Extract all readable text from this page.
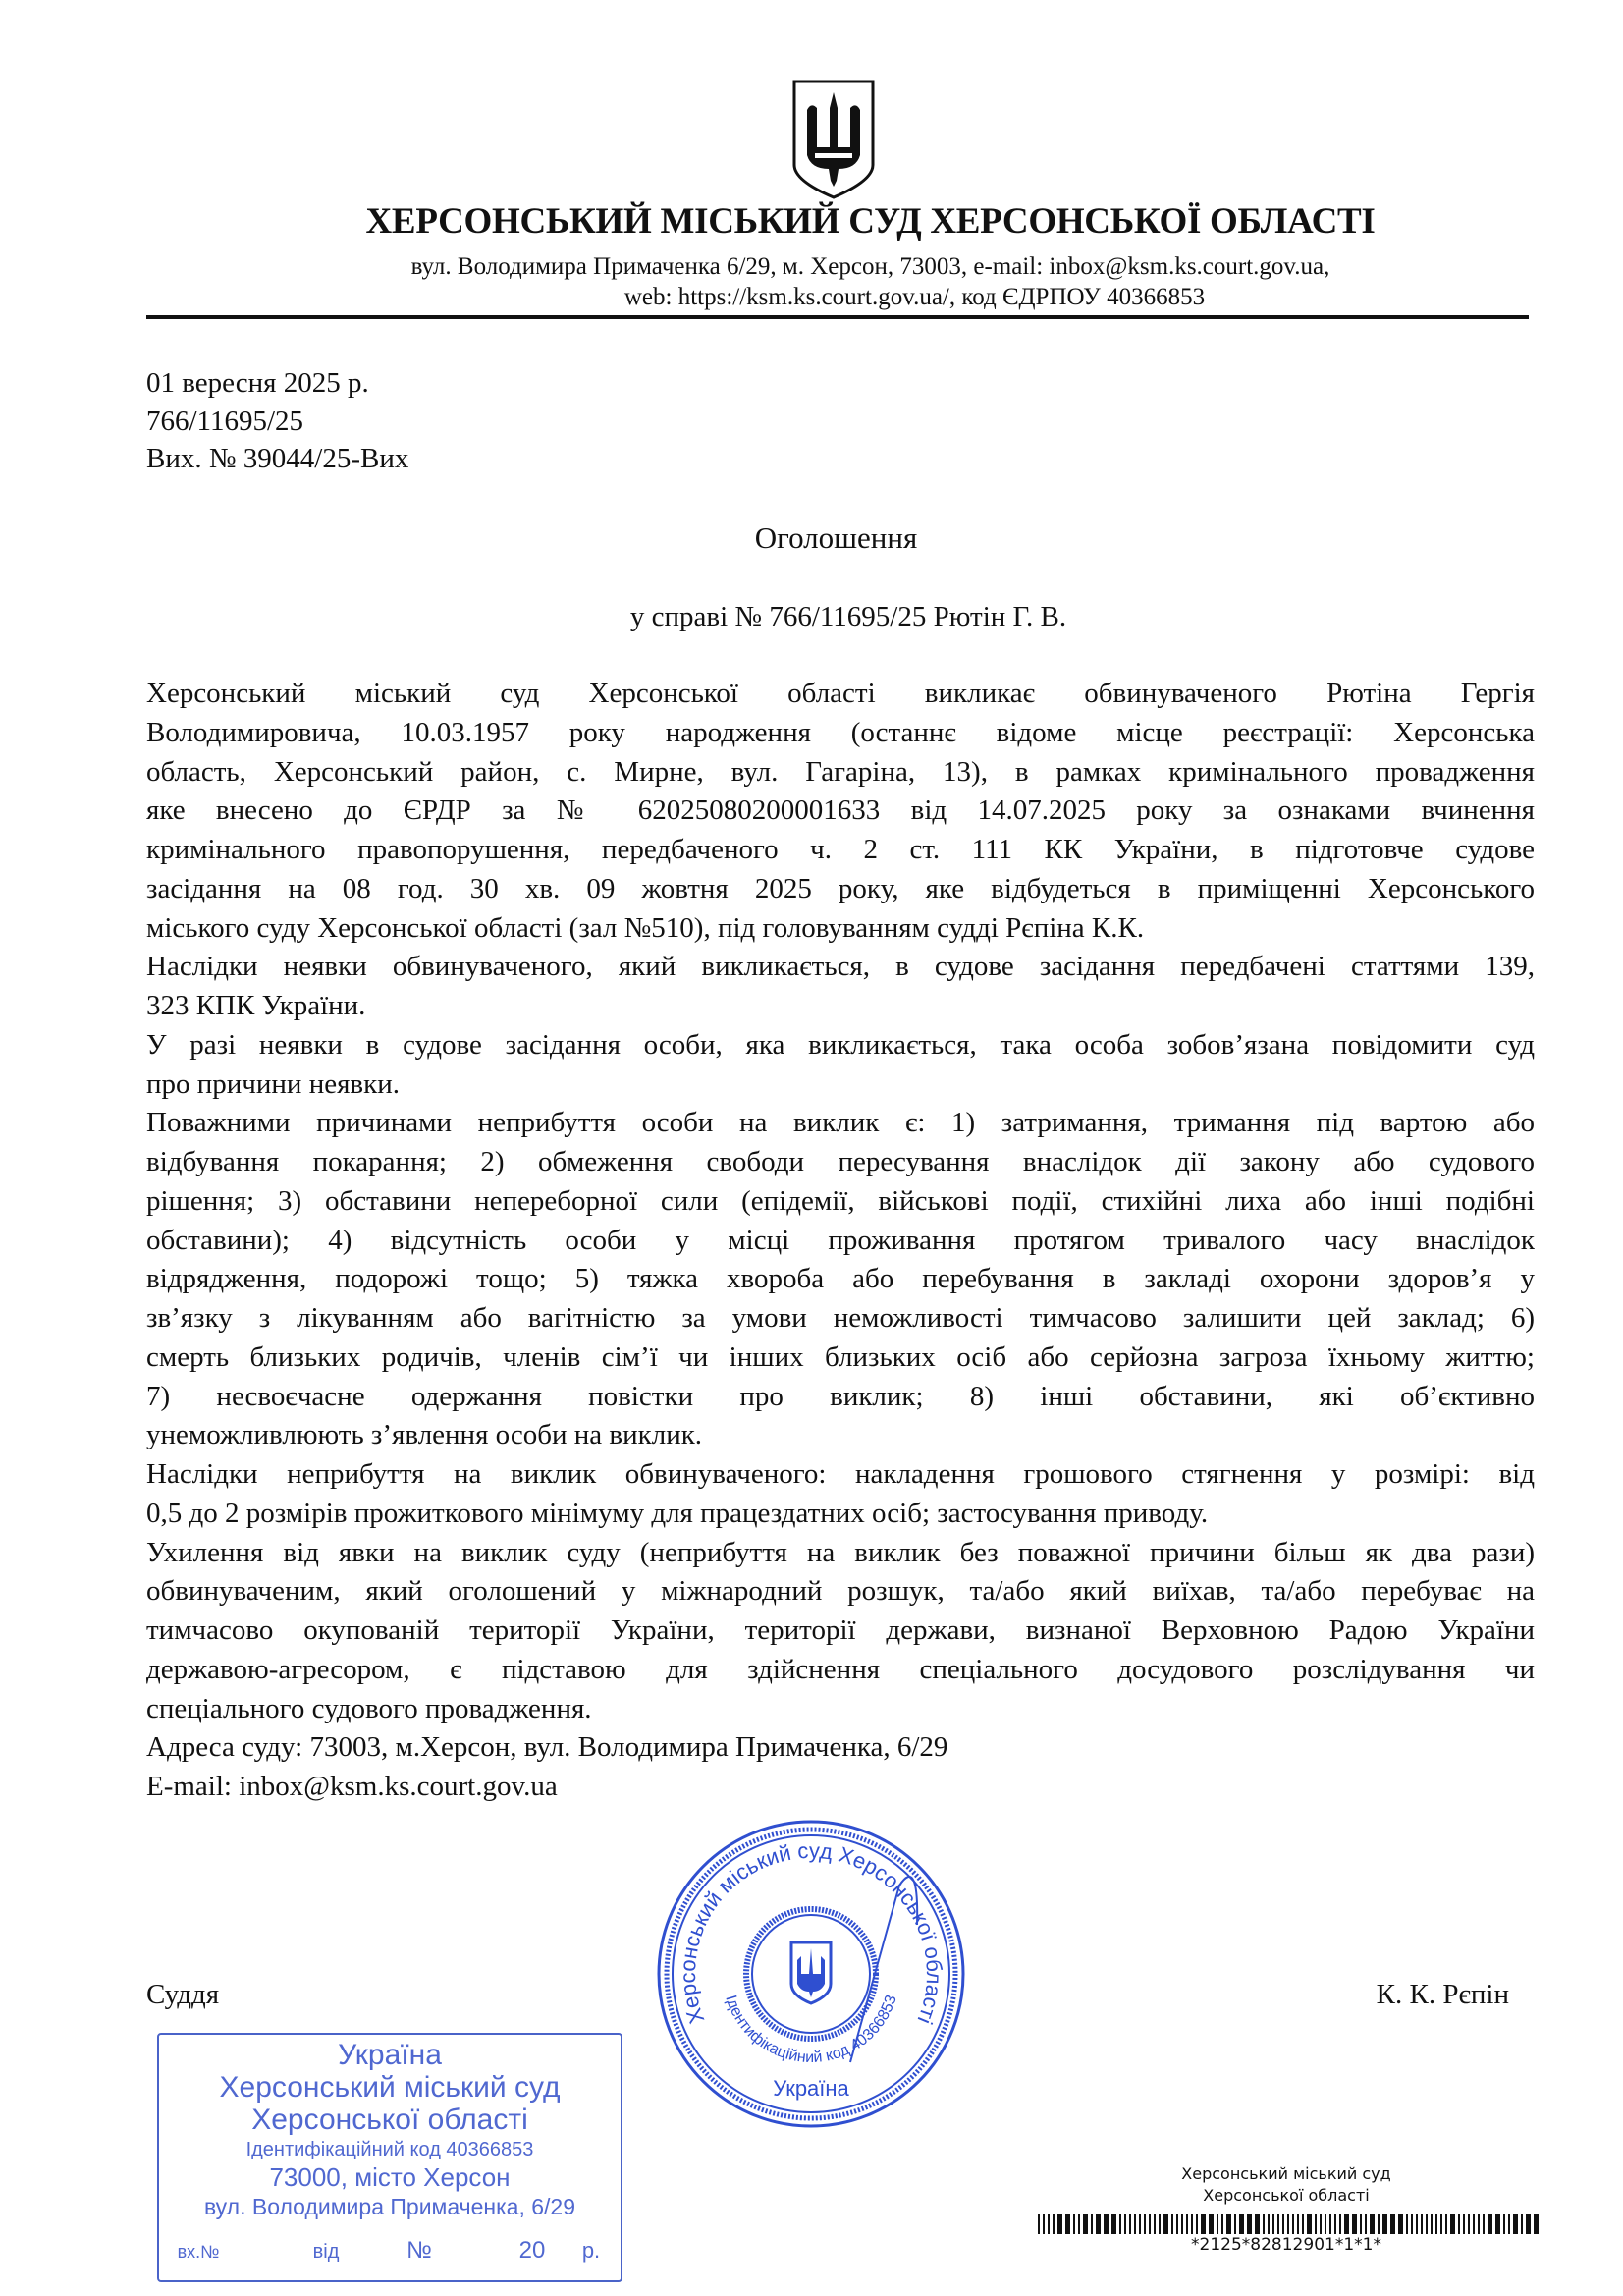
ХЕРСОНСЬКИЙ МІСЬКИЙ СУД ХЕРСОНСЬКОЇ ОБЛАСТІ
вул. Володимира Примаченка 6/29, м. Херсон, 73003, e-mail: inbox@ksm.ks.court.gov.ua,
web: https://ksm.ks.court.gov.ua/, код ЄДРПОУ 40366853
01 вересня 2025 р.
766/11695/25
Вих. № 39044/25-Вих
Оголошення
у справі № 766/11695/25 Рютін Г. В.
Херсонський міський суд Херсонської області викликає обвинуваченого Рютіна Гергія
Володимировича, 10.03.1957 року народження (останнє відоме місце реєстрації: Херсонська
область, Херсонський район, с. Мирне, вул. Гагаріна, 13), в рамках кримінального провадження
яке внесено до ЄРДР за № 62025080200001633 від 14.07.2025 року за ознаками вчинення
кримінального правопорушення, передбаченого ч. 2 ст. 111 КК України, в підготовче судове
засідання на 08 год. 30 хв. 09 жовтня 2025 року, яке відбудеться в приміщенні Херсонського
міського суду Херсонської області (зал №510), під головуванням судді Рєпіна К.К.
Наслідки неявки обвинуваченого, який викликається, в судове засідання передбачені статтями 139,
323 КПК України.
У разі неявки в судове засідання особи, яка викликається, така особа зобов’язана повідомити суд
про причини неявки.
Поважними причинами неприбуття особи на виклик є: 1) затримання, тримання під вартою або
відбування покарання; 2) обмеження свободи пересування внаслідок дії закону або судового
рішення; 3) обставини непереборної сили (епідемії, військові події, стихійні лиха або інші подібні
обставини); 4) відсутність особи у місці проживання протягом тривалого часу внаслідок
відрядження, подорожі тощо; 5) тяжка хвороба або перебування в закладі охорони здоров’я у
зв’язку з лікуванням або вагітністю за умови неможливості тимчасово залишити цей заклад; 6)
смерть близьких родичів, членів сім’ї чи інших близьких осіб або серйозна загроза їхньому життю;
7) несвоєчасне одержання повістки про виклик; 8) інші обставини, які об’єктивно
унеможливлюють з’явлення особи на виклик.
Наслідки неприбуття на виклик обвинуваченого: накладення грошового стягнення у розмірі: від
0,5 до 2 розмірів прожиткового мінімуму для працездатних осіб; застосування приводу.
Ухилення від явки на виклик суду (неприбуття на виклик без поважної причини більш як два рази)
обвинуваченим, який оголошений у міжнародний розшук, та/або який виїхав, та/або перебуває на
тимчасово окупованій території України, території держави, визнаної Верховною Радою України
державою-агресором, є підставою для здійснення спеціального досудового розслідування чи
спеціального судового провадження.
Адреса суду: 73003, м.Херсон, вул. Володимира Примаченка, 6/29
E-mail: inbox@ksm.ks.court.gov.ua
Херсонський міський суд Херсонської області
Ідентифікаційний код 40366853
Україна
Суддя	К. К. Рєпін
Україна
Херсонський міський суд
Херсонської області
Ідентифікаційний код 40366853
73000, місто Херсон
вул. Володимира Примаченка, 6/29
вх.№	від	№	20	р.
Херсонський міський суд
Херсонської області
*2125*82812901*1*1*
